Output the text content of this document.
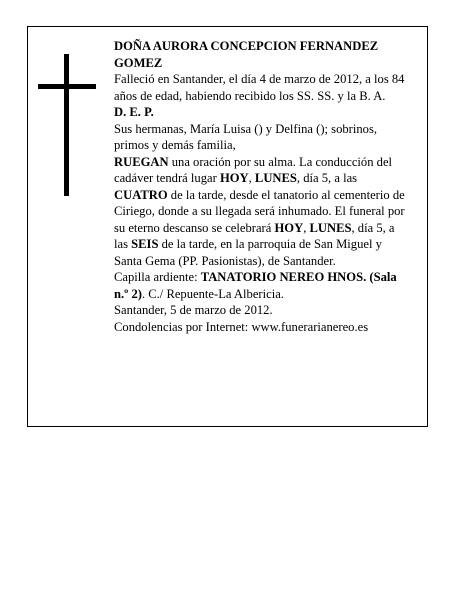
DOÑA AURORA CONCEPCION FERNANDEZ GOMEZ

Falleció en Santander, el día 4 de marzo de 2012, a los 84 años de edad, habiendo recibido los SS. SS. y la B. A.

D. E. P.

Sus hermanas, María Luisa () y Delfina (); sobrinos, primos y demás familia,

RUEGAN una oración por su alma. La conducción del cadáver tendrá lugar HOY, LUNES, día 5, a las CUATRO de la tarde, desde el tanatorio al cementerio de Ciriego, donde a su llegada será inhumado. El funeral por su eterno descanso se celebrará HOY, LUNES, día 5, a las SEIS de la tarde, en la parroquia de San Miguel y Santa Gema (PP. Pasionistas), de Santander.

Capilla ardiente: TANATORIO NEREO HNOS. (Sala n.º 2). C./ Repuente-La Albericia.

Santander, 5 de marzo de 2012.

Condolencias por Internet: www.funerarianereo.es
